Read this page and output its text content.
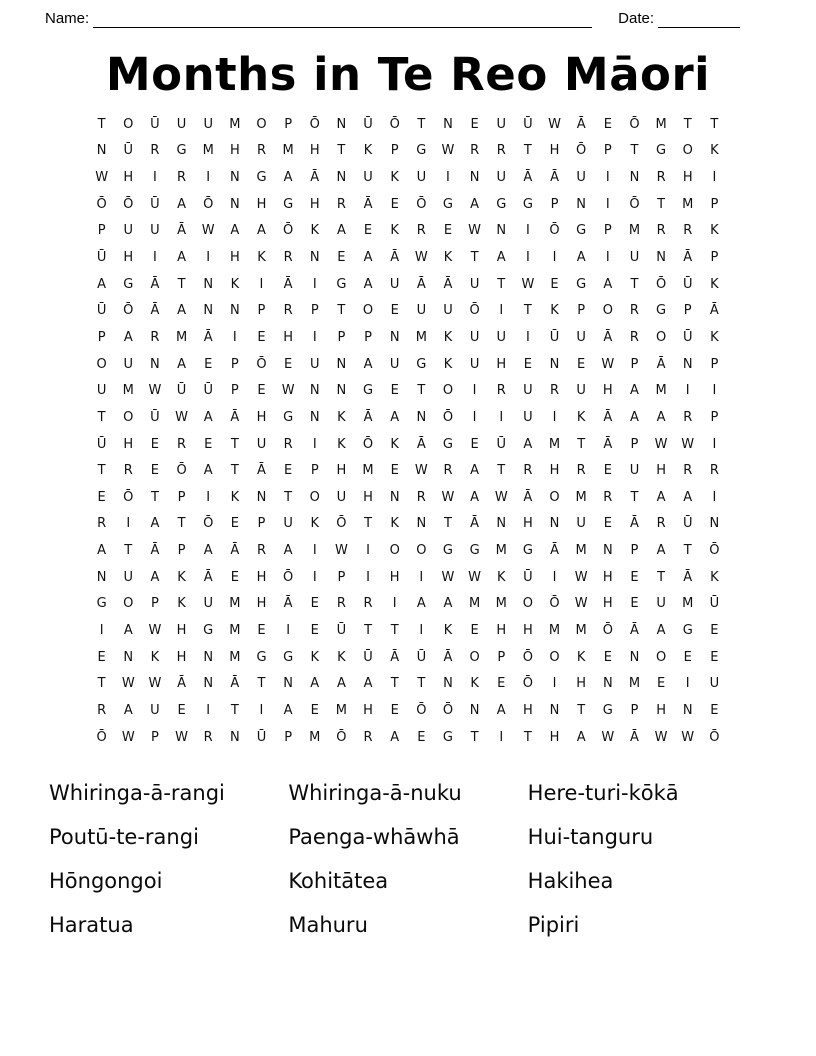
Name:	Date:
Months in Te Reo Māori
T	O	Ū	U	U	M	O	P	Ō	N	Ū	Ō	T	N	E	U	Ū	W	Ā	E	Ō	M	T	T
N	Ū	R	G	M	H	R	M	H	T	K	P	G	W	R	R	T	H	Ō	P	T	G	O	K
W	H	I	R	I	N	G	A	Ā	N	U	K	U	I	N	U	Ā	Ā	U	I	N	R	H	I
Ō	Ō	Ū	A	Ō	N	H	G	H	R	Ā	E	Ō	G	A	G	G	P	N	I	Ō	T	M	P
P	U	U	Ā	W	A	A	Ō	K	A	E	K	R	E	W	N	I	Ō	G	P	M	R	R	K
Ū	H	I	A	I	H	K	R	N	E	A	Ā	W	K	T	A	I	I	A	I	U	N	Ā	P
A	G	Ā	T	N	K	I	Ā	I	G	A	U	Ā	Ā	U	T	W	E	G	A	T	Ō	Ū	K
Ū	Ō	Ā	A	N	N	P	R	P	T	O	E	U	U	Ō	I	T	K	P	O	R	G	P	Ā
P	A	R	M	Ā	I	E	H	I	P	P	N	M	K	U	U	I	Ū	U	Ā	R	O	Ū	K
O	U	N	A	E	P	Ō	E	U	N	A	U	G	K	U	H	E	N	E	W	P	Ā	N	P
U	M	W	Ū	Ū	P	E	W	N	N	G	E	T	O	I	R	U	R	U	H	A	M	I	I
T	O	Ū	W	A	Ā	H	G	N	K	Ā	A	N	Ō	I	I	U	I	K	Ā	A	A	R	P
Ū	H	E	R	E	T	U	R	I	K	Ō	K	Ā	G	E	Ū	A	M	T	Ā	P	W	W	I
T	R	E	Ō	A	T	Ā	E	P	H	M	E	W	R	A	T	R	H	R	E	U	H	R	R
E	Ō	T	P	I	K	N	T	O	U	H	N	R	W	A	W	Ā	O	M	R	T	A	A	I
R	I	A	T	Ō	E	P	U	K	Ō	T	K	N	T	Ā	N	H	N	U	E	Ā	R	Ū	N
A	T	Ā	P	A	Ā	R	A	I	W	I	O	O	G	G	M	G	Ā	M	N	P	A	T	Ō
N	U	A	K	Ā	E	H	Ō	I	P	I	H	I	W	W	K	Ū	I	W	H	E	T	Ā	K
G	O	P	K	U	M	H	Ā	E	R	R	I	A	A	M	M	O	Ō	W	H	E	U	M	Ū
I	A	W	H	G	M	E	I	E	Ū	T	T	I	K	E	H	H	M	M	Ō	Ā	A	G	E
E	N	K	H	N	M	G	G	K	K	Ū	Ā	Ū	Ā	O	P	Ō	O	K	E	N	O	E	E
T	W	W	Ā	N	Ā	T	N	A	A	A	T	T	N	K	E	Ō	I	H	N	M	E	I	U
R	A	U	E	I	T	I	A	E	M	H	E	Ō	Ō	N	A	H	N	T	G	P	H	N	E
Ō	W	P	W	R	N	Ū	P	M	Ō	R	A	E	G	T	I	T	H	A	W	Ā	W	W	Ō
Whiringa-ā-rangi
Poutū-te-rangi
Hōngongoi
Haratua
Whiringa-ā-nuku
Paenga-whāwhā
Kohitātea
Mahuru
Here-turi-kōkā
Hui-tanguru
Hakihea
Pipiri
